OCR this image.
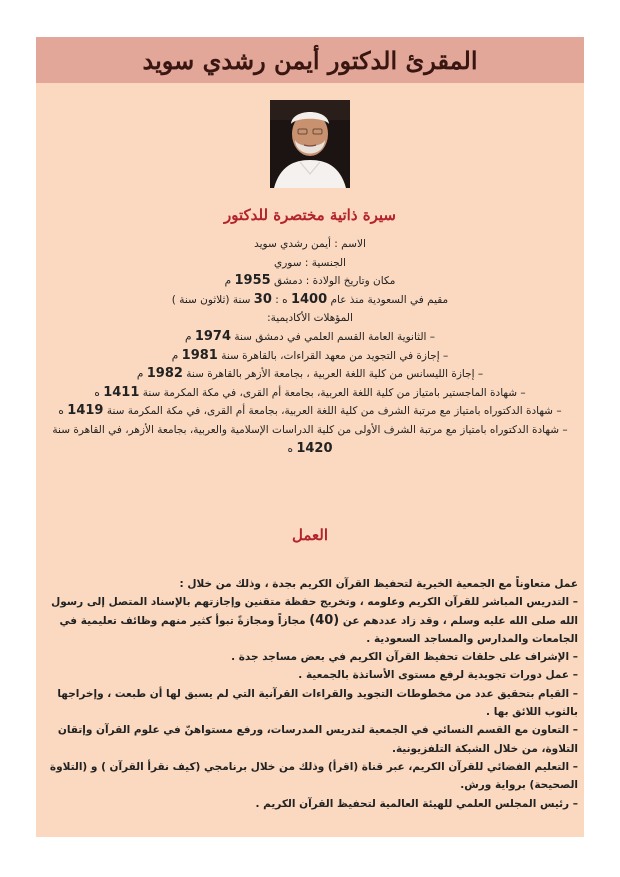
المقرئ الدكتور أيمن رشدي سويد
سيرة ذاتية مختصرة للدكتور
الاسم : أيمن رشدي سويد
الجنسية : سوري
مكان وتاريخ الولادة : دمشق 1955 م
مقيم في السعودية منذ عام 1400 ه : 30 سنة (ثلاثون سنة )
المؤهلات الأكاديمية:
– الثانوية العامة القسم العلمي في دمشق سنة 1974 م
– إجازة في التجويد من معهد القراءات، بالقاهرة سنة 1981 م
– إجازة الليسانس من كلية اللغة العربية ، بجامعة الأزهر بالقاهرة سنة 1982 م
– شهادة الماجستير بامتياز من كلية اللغة العربية، بجامعة أم القرى، في مكة المكرمة سنة 1411 ه
– شهادة الدكتوراه بامتياز مع مرتبة الشرف من كلية اللغة العربية، بجامعة أم القرى، في مكة المكرمة سنة 1419 ه
– شهادة الدكتوراه بامتياز مع مرتبة الشرف الأولى من كلية الدراسات الإسلامية والعربية، بجامعة الأزهر، في القاهرة سنة 1420 ه
العمل
عمل متعاوناً مع الجمعية الخيرية لتحفيظ القرآن الكريم بجدة ، وذلك من خلال :
– التدريس المباشر للقرآن الكريم وعلومه ، وتخريج حفظة متقنين وإجازتهم بالإسناد المتصل إلى رسول الله صلى الله عليه وسلم ، وقد زاد عددهم عن (40) مجازاً ومجازةً تبوأ كثير منهم وظائف تعليمية في الجامعات والمدارس والمساجد السعودية .
– الإشراف على حلقات تحفيظ القرآن الكريم في بعض مساجد جدة .
– عمل دورات تجويدية لرفع مستوى الأساتذة بالجمعية .
– القيام بتحقيق عدد من مخطوطات التجويد والقراءات القرآنية التي لم يسبق لها أن طبعت ، وإخراجها بالثوب اللائق بها .
– التعاون مع القسم النسائي في الجمعية لتدريس المدرسات، ورفع مستواهنّ في علوم القرآن وإتقان التلاوة، من خلال الشبكة التلفزيونية.
– التعليم الفضائي للقرآن الكريم، عبر قناة (اقرأ) وذلك من خلال برنامجي (كيف نقرأ القرآن ) و (التلاوة الصحيحة) برواية ورش.
– رئيس المجلس العلمي للهيئة العالمية لتحفيظ القرآن الكريم .
